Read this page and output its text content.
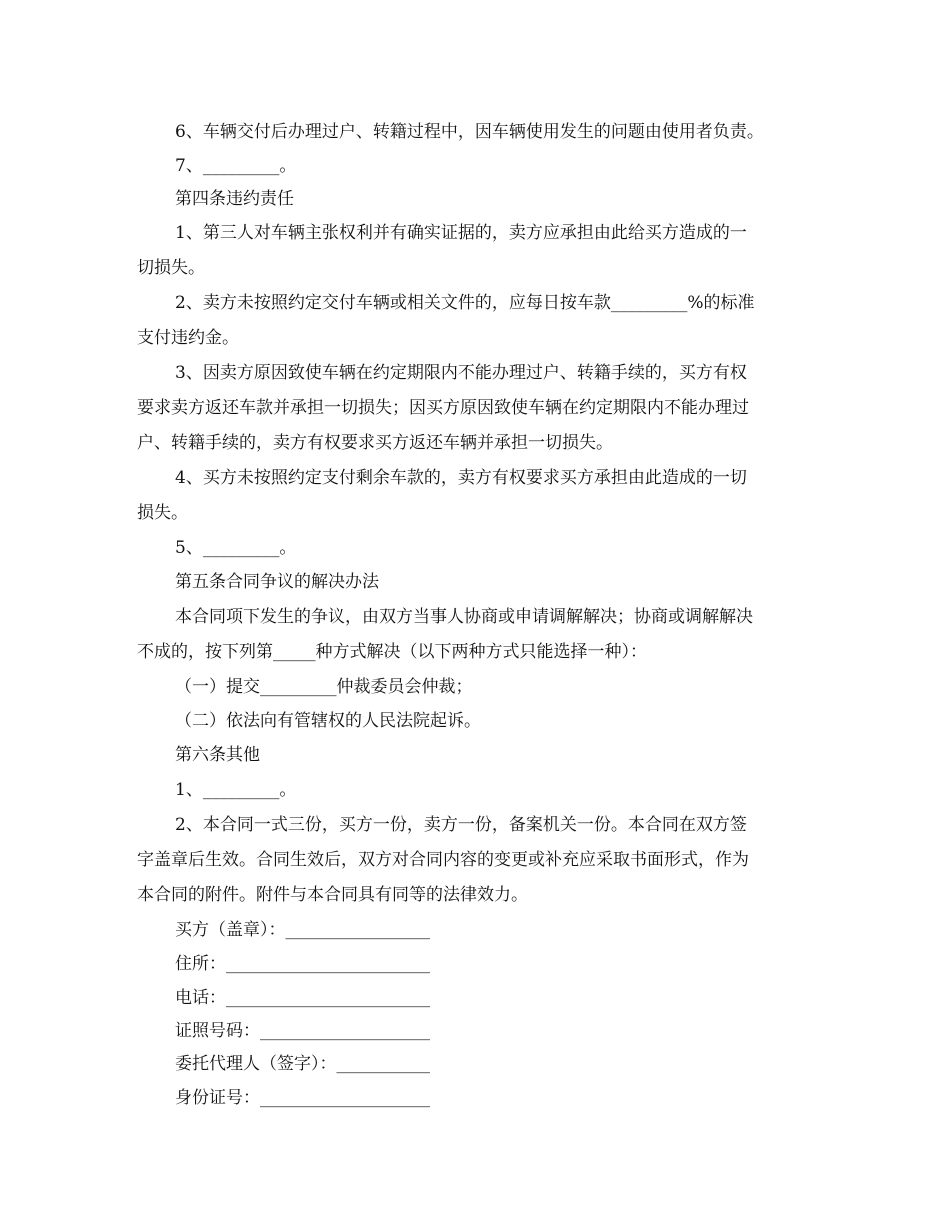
6、车辆交付后办理过户、转籍过程中，因车辆使用发生的问题由使用者负责。
7、_________。
第四条违约责任
1、第三人对车辆主张权利并有确实证据的，卖方应承担由此给买方造成的一
切损失。
2、卖方未按照约定交付车辆或相关文件的，应每日按车款_________%的标准
支付违约金。
3、因卖方原因致使车辆在约定期限内不能办理过户、转籍手续的，买方有权
要求卖方返还车款并承担一切损失；因买方原因致使车辆在约定期限内不能办理过
户、转籍手续的，卖方有权要求买方返还车辆并承担一切损失。
4、买方未按照约定支付剩余车款的，卖方有权要求买方承担由此造成的一切
损失。
5、_________。
第五条合同争议的解决办法
本合同项下发生的争议，由双方当事人协商或申请调解解决；协商或调解解决
不成的，按下列第_____种方式解决（以下两种方式只能选择一种）：
（一）提交_________仲裁委员会仲裁；
（二）依法向有管辖权的人民法院起诉。
第六条其他
1、_________。
2、本合同一式三份，买方一份，卖方一份，备案机关一份。本合同在双方签
字盖章后生效。合同生效后，双方对合同内容的变更或补充应采取书面形式，作为
本合同的附件。附件与本合同具有同等的法律效力。
买方（盖章）：_________________
住所：________________________
电话：________________________
证照号码：____________________
委托代理人（签字）：___________
身份证号：____________________
